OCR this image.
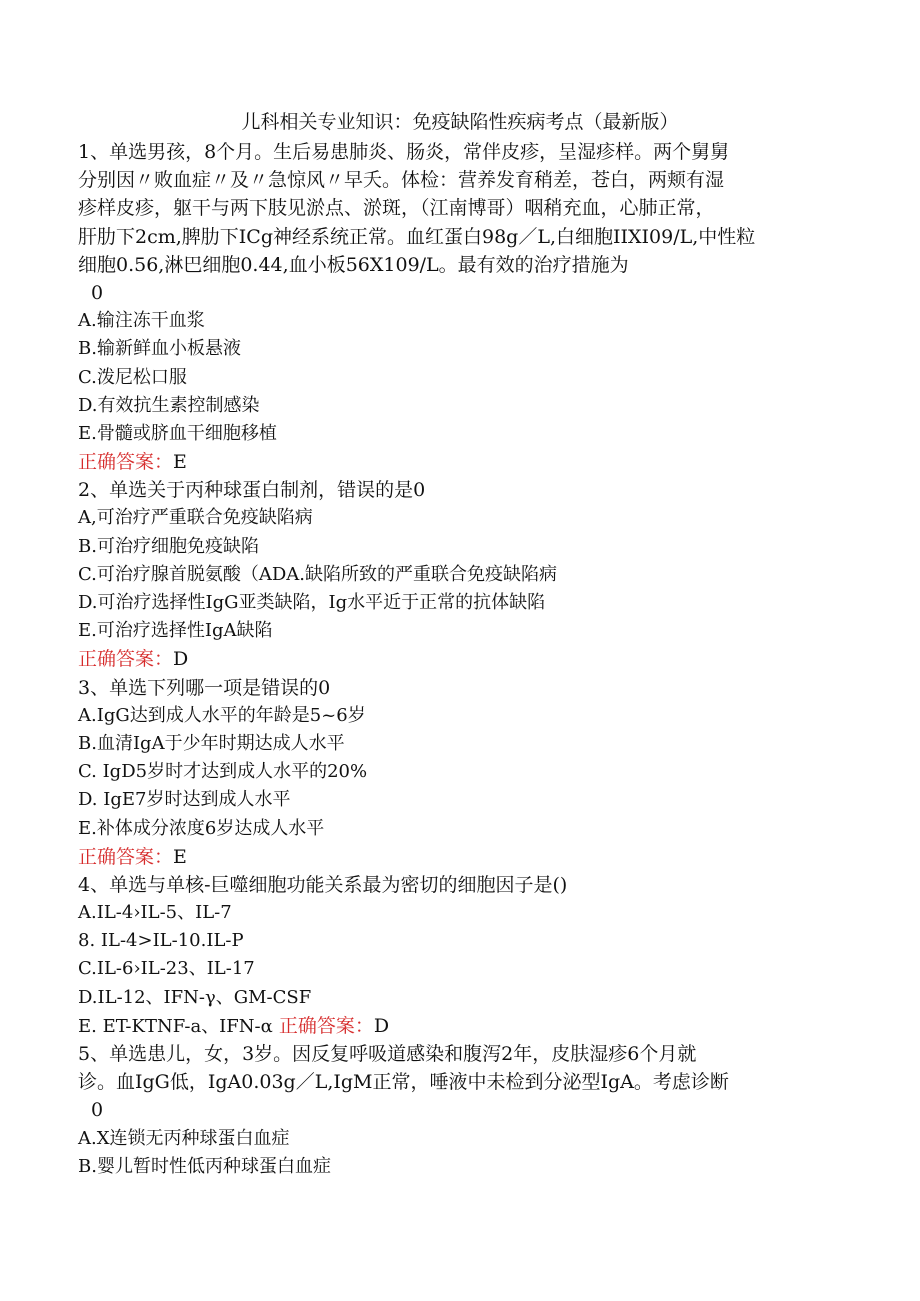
儿科相关专业知识：免疫缺陷性疾病考点（最新版）
1、单选男孩，8个月。生后易患肺炎、肠炎，常伴皮疹，呈湿疹样。两个舅舅
分别因〃败血症〃及〃急惊风〃早夭。体检：营养发育稍差，苍白，两颊有湿
疹样皮疹，躯干与两下肢见淤点、淤斑，（江南博哥）咽稍充血，心肺正常，
肝肋下2cm,脾肋下ICg神经系统正常。血红蛋白98g／L,白细胞IIXI09/L,中性粒
细胞0.56,淋巴细胞0.44,血小板56X109/L。最有效的治疗措施为
0
A.输注冻干血浆
B.输新鲜血小板悬液
C.泼尼松口服
D.有效抗生素控制感染
E.骨髓或脐血干细胞移植
正确答案：E
2、单选关于丙种球蛋白制剂，错误的是0
A,可治疗严重联合免疫缺陷病
B.可治疗细胞免疫缺陷
C.可治疗腺首脱氨酸（ADA.缺陷所致的严重联合免疫缺陷病
D.可治疗选择性IgG亚类缺陷，Ig水平近于正常的抗体缺陷
E.可治疗选择性IgA缺陷
正确答案：D
3、单选下列哪一项是错误的0
A.IgG达到成人水平的年龄是5~6岁
B.血清IgA于少年时期达成人水平
C. IgD5岁时才达到成人水平的20%
D. IgE7岁时达到成人水平
E.补体成分浓度6岁达成人水平
正确答案：E
4、单选与单核-巨噬细胞功能关系最为密切的细胞因子是()
A.IL-4›IL-5、IL-7
8. IL-4>IL-10.IL-P
C.IL-6›IL-23、IL-17
D.IL-12、IFN-γ、GM-CSF
E. ET-KTNF-a、IFN-α 正确答案：D
5、单选患儿，女，3岁。因反复呼吸道感染和腹泻2年，皮肤湿疹6个月就
诊。血IgG低，IgA0.03g／L,IgM正常，唾液中未检到分泌型IgA。考虑诊断
0
A.X连锁无丙种球蛋白血症
B.婴儿暂时性低丙种球蛋白血症
